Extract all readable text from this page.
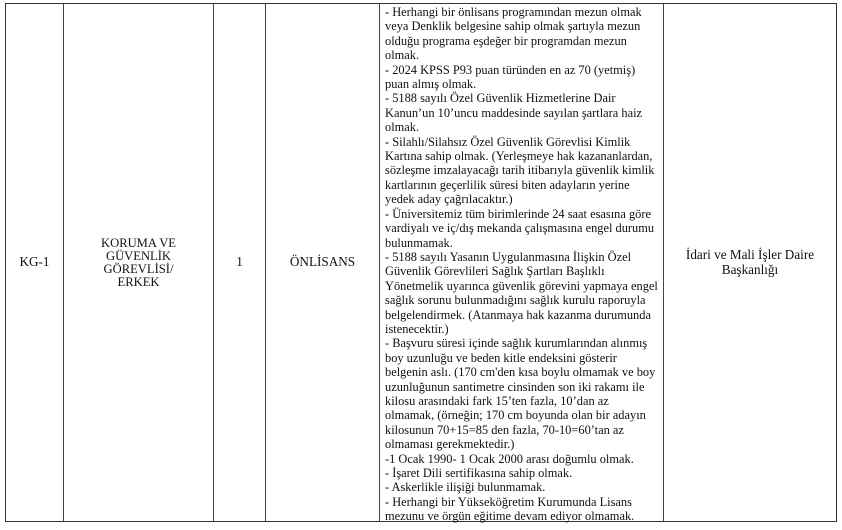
KG-1
KORUMA VE GÜVENLİK GÖREVLİSİ/ ERKEK
1	ÖNLİSANS
- Herhangi bir önlisans programından mezun olmak veya Denklik belgesine sahip olmak şartıyla mezun olduğu programa eşdeğer bir programdan mezun olmak.
- 2024 KPSS P93 puan türünden en az 70 (yetmiş) puan almış olmak.
- 5188 sayılı Özel Güvenlik Hizmetlerine Dair Kanun’un 10’uncu maddesinde sayılan şartlara haiz olmak.
- Silahlı/Silahsız Özel Güvenlik Görevlisi Kimlik Kartına sahip olmak. (Yerleşmeye hak kazananlardan, sözleşme imzalayacağı tarih itibarıyla güvenlik kimlik kartlarının geçerlilik süresi biten adayların yerine yedek aday çağrılacaktır.)
- Üniversitemiz tüm birimlerinde 24 saat esasına göre vardiyalı ve iç/dış mekanda çalışmasına engel durumu bulunmamak.
- 5188 sayılı Yasanın Uygulanmasına İlişkin Özel Güvenlik Görevlileri Sağlık Şartları Başlıklı Yönetmelik uyarınca güvenlik görevini yapmaya engel sağlık sorunu bulunmadığını sağlık kurulu raporuyla belgelendirmek. (Atanmaya hak kazanma durumunda istenecektir.)
- Başvuru süresi içinde sağlık kurumlarından alınmış boy uzunluğu ve beden kitle endeksini gösterir belgenin aslı. (170 cm'den kısa boylu olmamak ve boy uzunluğunun santimetre cinsinden son iki rakamı ile kilosu arasındaki fark 15’ten fazla, 10’dan az olmamak, (örneğin; 170 cm boyunda olan bir adayın kilosunun 70+15=85 den fazla, 70-10=60’tan az olmaması gerekmektedir.)
-1 Ocak 1990- 1 Ocak 2000 arası doğumlu olmak.
- İşaret Dili sertifikasına sahip olmak.
- Askerlikle ilişiği bulunmamak.
- Herhangi bir Yükseköğretim Kurumunda Lisans mezunu ve örgün eğitime devam ediyor olmamak.
İdari ve Mali İşler Daire Başkanlığı
